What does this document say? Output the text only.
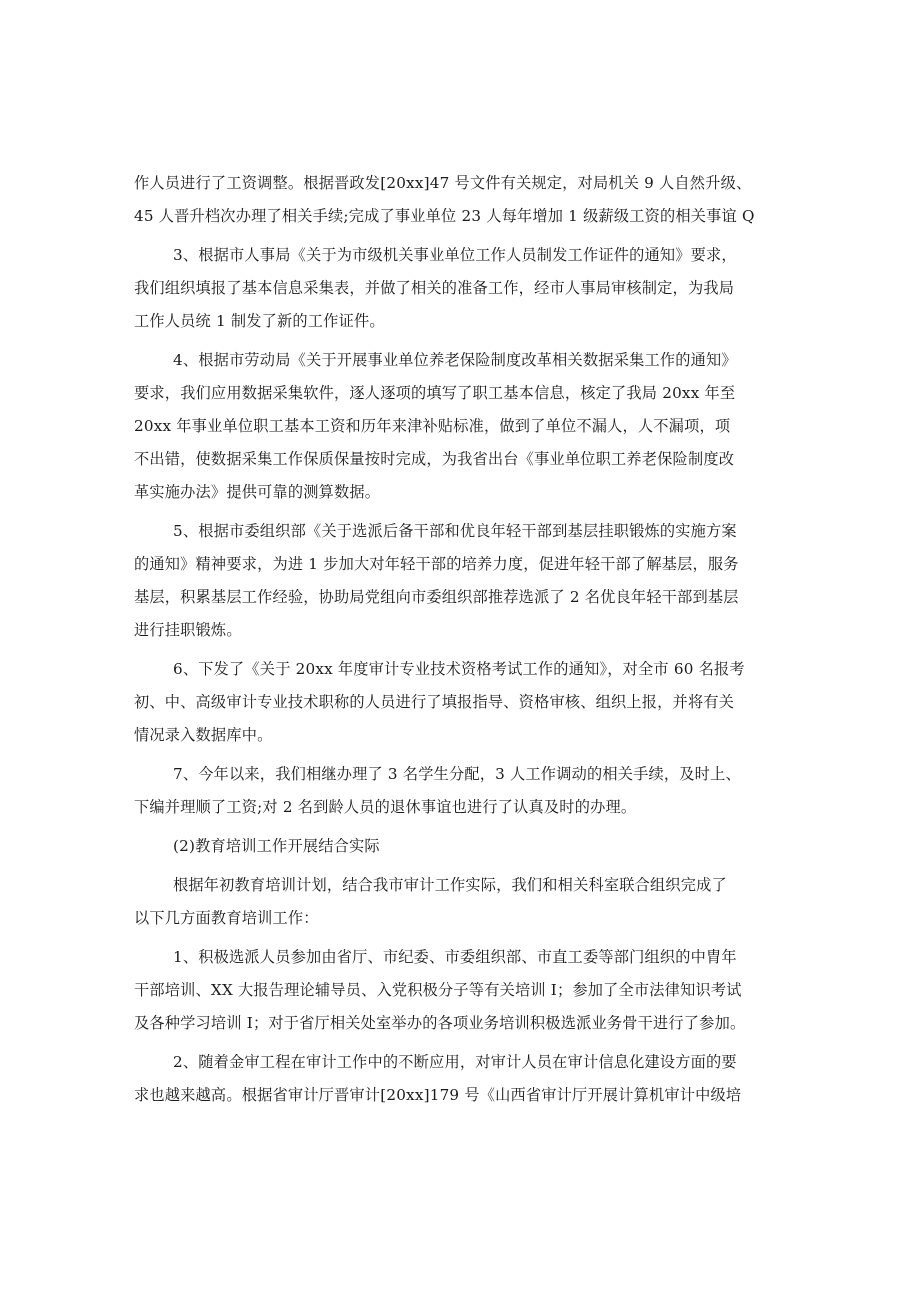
作人员进行了工资调整。根据晋政发[20xx]47 号文件有关规定，对局机关 9 人自然升级、
45 人晋升档次办理了相关手续;完成了事业单位 23 人每年增加 1 级薪级工资的相关事谊 Q
3、根据市人事局《关于为市级机关事业单位工作人员制发工作证件的通知》要求，
我们组织填报了基本信息采集表，并做了相关的准备工作，经市人事局审核制定，为我局
工作人员统 1 制发了新的工作证件。
4、根据市劳动局《关于开展事业单位养老保险制度改革相关数据采集工作的通知》
要求，我们应用数据采集软件，逐人逐项的填写了职工基本信息，核定了我局 20xx 年至
20xx 年事业单位职工基本工资和历年来津补贴标准，做到了单位不漏人，人不漏项，项
不出错，使数据采集工作保质保量按时完成，为我省出台《事业单位职工养老保险制度改
革实施办法》提供可靠的测算数据。
5、根据市委组织部《关于选派后备干部和优良年轻干部到基层挂职锻炼的实施方案
的通知》精神要求，为进 1 步加大对年轻干部的培养力度，促进年轻干部了解基层，服务
基层，积累基层工作经验，协助局党组向市委组织部推荐选派了 2 名优良年轻干部到基层
进行挂职锻炼。
6、下发了《关于 20xx 年度审计专业技术资格考试工作的通知》，对全市 60 名报考
初、中、高级审计专业技术职称的人员进行了填报指导、资格审核、组织上报，并将有关
情况录入数据库中。
7、今年以来，我们相继办理了 3 名学生分配，3 人工作调动的相关手续，及时上、
下编并理顺了工资;对 2 名到龄人员的退休事谊也进行了认真及时的办理。
(2)教育培训工作开展结合实际
根据年初教育培训计划，结合我市审计工作实际，我们和相关科室联合组织完成了
以下几方面教育培训工作：
1、积极选派人员参加由省厅、市纪委、市委组织部、市直工委等部门组织的中胄年
干部培训、XX 大报告理论辅导员、入党积极分子等有关培训 I；参加了全市法律知识考试
及各种学习培训 I；对于省厅相关处室举办的各项业务培训积极选派业务骨干进行了参加。
2、随着金审工程在审计工作中的不断应用，对审计人员在审计信息化建设方面的要
求也越来越高。根据省审计厅晋审计[20xx]179 号《山西省审计厅开展计算机审计中级培
